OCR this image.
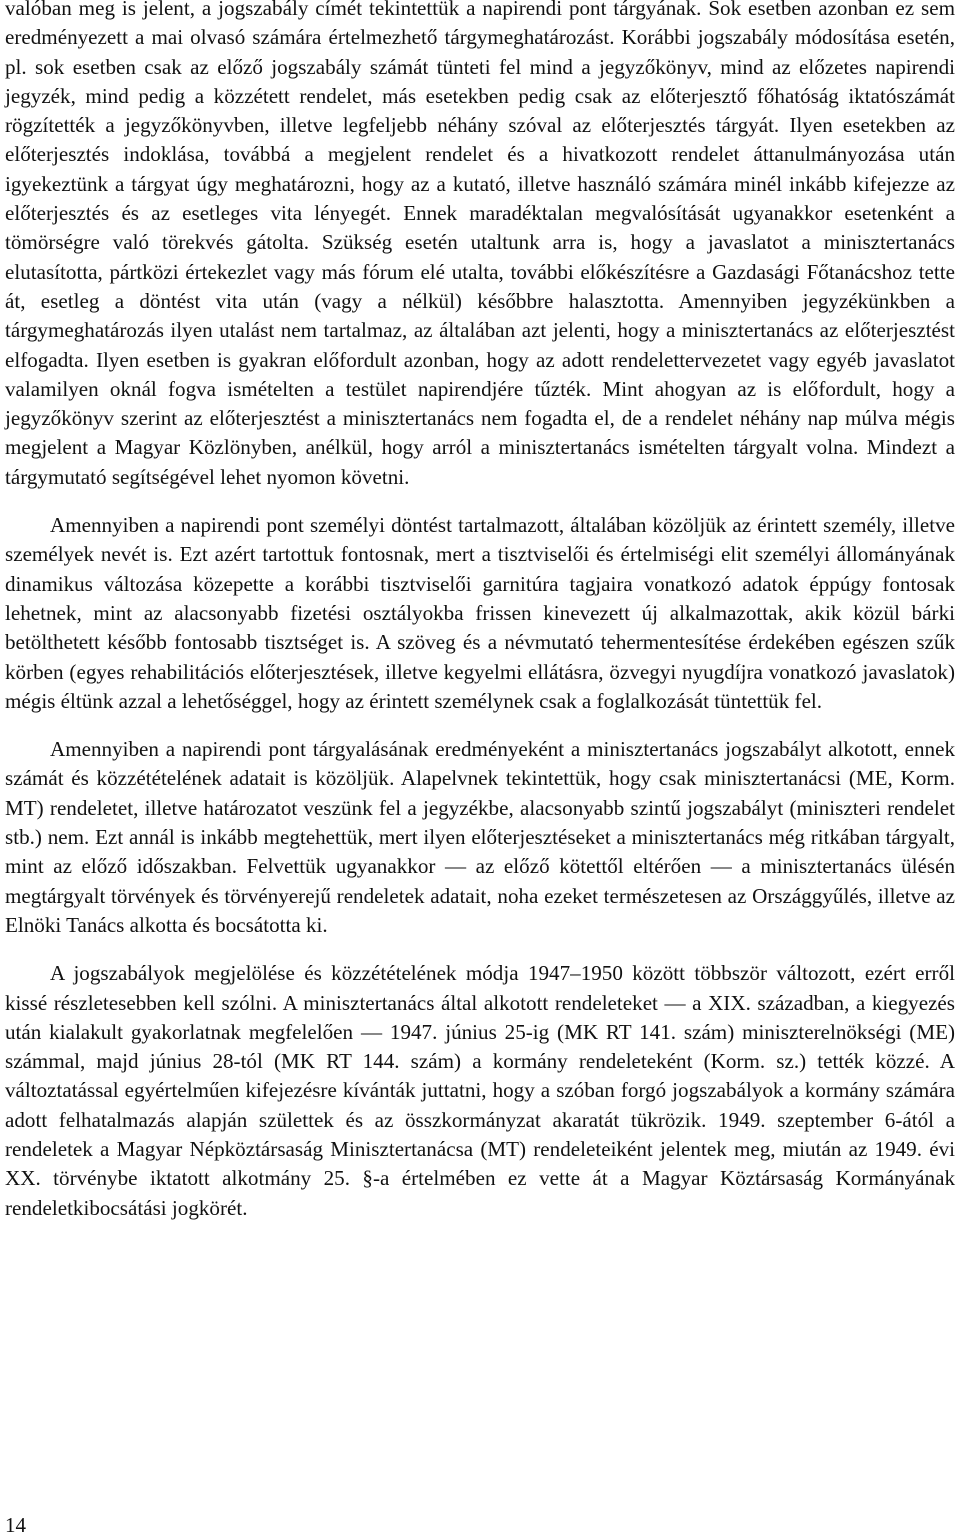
valóban meg is jelent, a jogszabály címét tekintettük a napirendi pont tárgyának. Sok esetben azonban ez sem eredményezett a mai olvasó számára értelmezhető tárgymeghatározást. Korábbi jogszabály módosítása esetén, pl. sok esetben csak az előző jogszabály számát tünteti fel mind a jegyzőkönyv, mind az előzetes napirendi jegyzék, mind pedig a közzétett rendelet, más esetekben pedig csak az előterjesztő főhatóság iktatószámát rögzítették a jegyzőkönyvben, illetve legfeljebb néhány szóval az előterjesztés tárgyát. Ilyen esetekben az előterjesztés indoklása, továbbá a megjelent rendelet és a hivatkozott rendelet áttanulmányozása után igyekeztünk a tárgyat úgy meghatározni, hogy az a kutató, illetve használó számára minél inkább kifejezze az előterjesztés és az esetleges vita lényegét. Ennek maradéktalan megvalósítását ugyanakkor esetenként a tömörségre való törekvés gátolta. Szükség esetén utaltunk arra is, hogy a javaslatot a minisztertanács elutasította, pártközi értekezlet vagy más fórum elé utalta, további előkészítésre a Gazdasági Főtanácshoz tette át, esetleg a döntést vita után (vagy a nélkül) későbbre halasztotta. Amennyiben jegyzékünkben a tárgymeghatározás ilyen utalást nem tartalmaz, az általában azt jelenti, hogy a minisztertanács az előterjesztést elfogadta. Ilyen esetben is gyakran előfordult azonban, hogy az adott rendelettervezetet vagy egyéb javaslatot valamilyen oknál fogva ismételten a testület napirendjére tűzték. Mint ahogyan az is előfordult, hogy a jegyzőkönyv szerint az előterjesztést a minisztertanács nem fogadta el, de a rendelet néhány nap múlva mégis megjelent a Magyar Közlönyben, anélkül, hogy arról a minisztertanács ismételten tárgyalt volna. Mindezt a tárgymutató segítségével lehet nyomon követni.

Amennyiben a napirendi pont személyi döntést tartalmazott, általában közöljük az érintett személy, illetve személyek nevét is. Ezt azért tartottuk fontosnak, mert a tisztviselői és értelmiségi elit személyi állományának dinamikus változása közepette a korábbi tisztviselői garnitúra tagjaira vonatkozó adatok éppúgy fontosak lehetnek, mint az alacsonyabb fizetési osztályokba frissen kinevezett új alkalmazottak, akik közül bárki betölthetett később fontosabb tisztséget is. A szöveg és a névmutató tehermentesítése érdekében egészen szűk körben (egyes rehabilitációs előterjesztések, illetve kegyelmi ellátásra, özvegyi nyugdíjra vonatkozó javaslatok) mégis éltünk azzal a lehetőséggel, hogy az érintett személynek csak a foglalkozását tüntettük fel.

Amennyiben a napirendi pont tárgyalásának eredményeként a minisztertanács jogszabályt alkotott, ennek számát és közzétételének adatait is közöljük. Alapelvnek tekintettük, hogy csak minisztertanácsi (ME, Korm. MT) rendeletet, illetve határozatot veszünk fel a jegyzékbe, alacsonyabb szintű jogszabályt (miniszteri rendelet stb.) nem. Ezt annál is inkább megtehettük, mert ilyen előterjesztéseket a minisztertanács még ritkában tárgyalt, mint az előző időszakban. Felvettük ugyanakkor — az előző kötettől eltérően — a minisztertanács ülésén megtárgyalt törvények és törvényerejű rendeletek adatait, noha ezeket természetesen az Országgyűlés, illetve az Elnöki Tanács alkotta és bocsátotta ki.

A jogszabályok megjelölése és közzétételének módja 1947–1950 között többször változott, ezért erről kissé részletesebben kell szólni. A minisztertanács által alkotott rendeleteket — a XIX. században, a kiegyezés után kialakult gyakorlatnak megfelelően — 1947. június 25-ig (MK RT 141. szám) miniszterelnökségi (ME) számmal, majd június 28-tól (MK RT 144. szám) a kormány rendeleteként (Korm. sz.) tették közzé. A változtatással egyértelműen kifejezésre kívánták juttatni, hogy a szóban forgó jogszabályok a kormány számára adott felhatalmazás alapján születtek és az összkormányzat akaratát tükrözik. 1949. szeptember 6-ától a rendeletek a Magyar Népköztársaság Minisztertanácsa (MT) rendeleteiként jelentek meg, miután az 1949. évi XX. törvénybe iktatott alkotmány 25. §-a értelmében ez vette át a Magyar Köztársaság Kormányának rendeletkibocsátási jogkörét.

14
